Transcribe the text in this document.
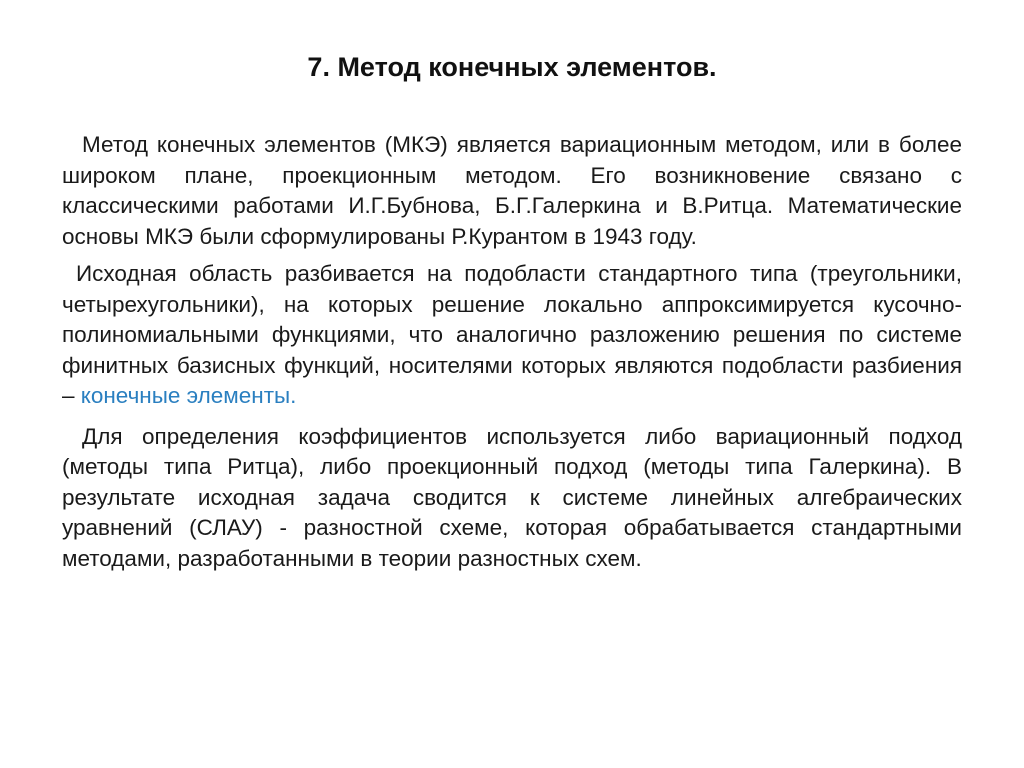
7. Метод конечных элементов.

Метод конечных элементов (МКЭ) является вариационным методом, или в более широком плане, проекционным методом. Его возникновение связано с классическими работами И.Г.Бубнова, Б.Г.Галеркина и В.Ритца. Математические основы МКЭ были сформулированы Р.Курантом в 1943 году.

Исходная область разбивается на подобласти стандартного типа (треугольники, четырехугольники), на которых решение локально аппроксимируется кусочно-полиномиальными функциями, что аналогично разложению решения по системе финитных базисных функций, носителями которых являются подобласти разбиения – конечные элементы.

Для определения коэффициентов используется либо вариационный подход (методы типа Ритца), либо проекционный подход (методы типа Галеркина). В результате исходная задача сводится к системе линейных алгебраических уравнений (СЛАУ) - разностной схеме, которая обрабатывается стандартными методами, разработанными в теории разностных схем.
